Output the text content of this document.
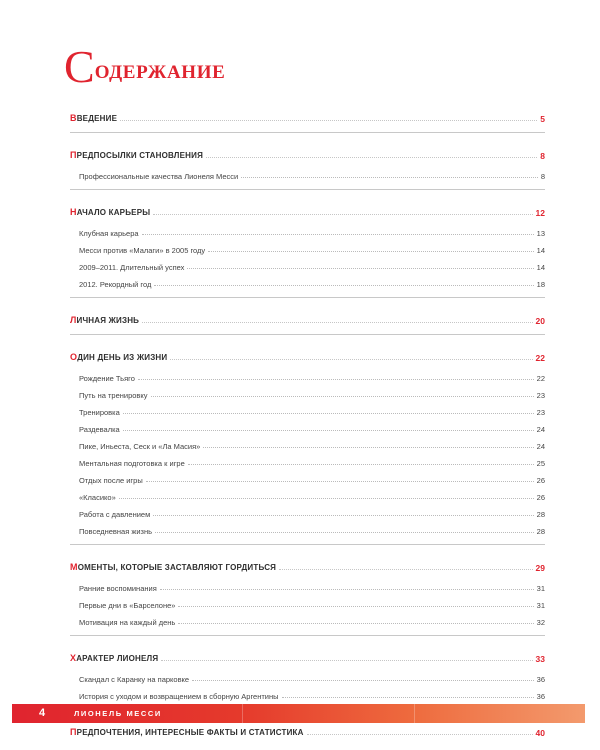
С ОДЕРЖАНИЕ
ВВЕДЕНИЕ	5
ПРЕДПОСЫЛКИ СТАНОВЛЕНИЯ	8
Профессиональные качества Лионеля Месси	8
НАЧАЛО КАРЬЕРЫ	12
Клубная карьера	13
Месси против «Малаги» в 2005 году	14
2009–2011. Длительный успех	14
2012. Рекордный год	18
ЛИЧНАЯ ЖИЗНЬ	20
ОДИН ДЕНЬ ИЗ ЖИЗНИ	22
Рождение Тьяго	22
Путь на тренировку	23
Тренировка	23
Раздевалка	24
Пике, Иньеста, Сеск и «Ла Масия»	24
Ментальная подготовка к игре	25
Отдых после игры	26
«Класико»	26
Работа с давлением	28
Повседневная жизнь	28
МОМЕНТЫ, КОТОРЫЕ ЗАСТАВЛЯЮТ ГОРДИТЬСЯ	29
Ранние воспоминания	31
Первые дни в «Барселоне»	31
Мотивация на каждый день	32
ХАРАКТЕР ЛИОНЕЛЯ	33
Скандал с Каранку на парковке	36
История с уходом и возвращением в сборную Аргентины	36
ПРЕДПОЧТЕНИЯ, ИНТЕРЕСНЫЕ ФАКТЫ И СТАТИСТИКА	40
4	ЛИОНЕЛЬ МЕССИ
